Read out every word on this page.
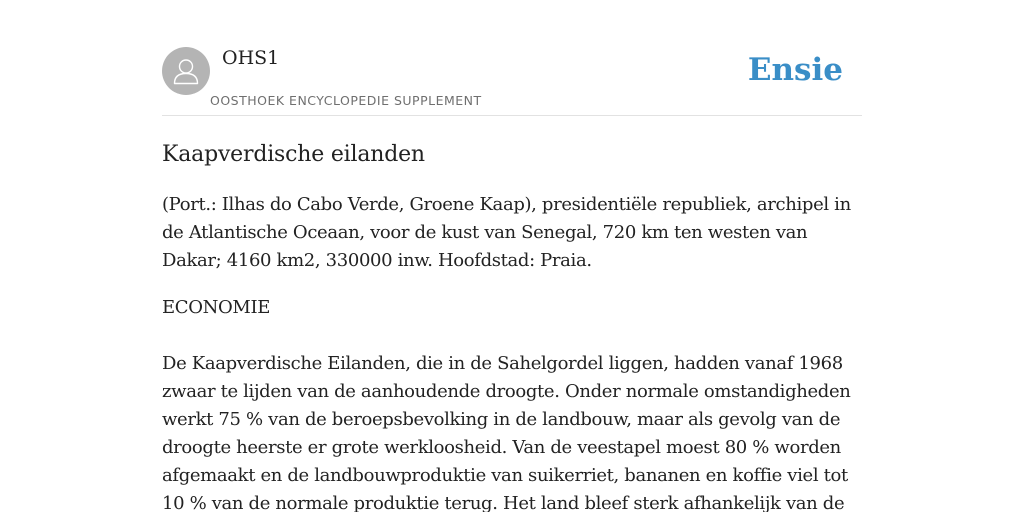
OHS1
OOSTHOEK ENCYCLOPEDIE SUPPLEMENT
Ensie
Kaapverdische eilanden

(Port.: Ilhas do Cabo Verde, Groene Kaap), presidentiële republiek, archipel in de Atlantische Oceaan, voor de kust van Senegal, 720 km ten westen van Dakar; 4160 km2, 330000 inw. Hoofdstad: Praia.

ECONOMIE

De Kaapverdische Eilanden, die in de Sahelgordel liggen, hadden vanaf 1968 zwaar te lijden van de aanhoudende droogte. Onder normale omstandigheden werkt 75 % van de beroepsbevolking in de landbouw, maar als gevolg van de droogte heerste er grote werkloosheid. Van de veestapel moest 80 % worden afgemaakt en de landbouwproduktie van suikerriet, bananen en koffie viel tot 10 % van de normale produktie terug. Het land bleef sterk afhankelijk van de
